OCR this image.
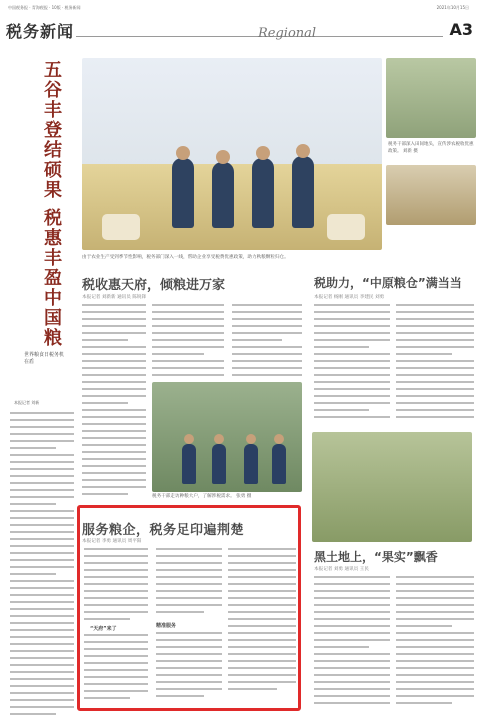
中国税务报 · 青海税报 · 10版 · 税务新闻	2021年10月15日
税务新闻	Regional	A3
五谷丰登结硕果 税惠丰盈中国粮
世界粮食日税务机在盾
本报记者 刘新
由于农业生产受到季节性影响，税务部门深入一线，帮助企业享受税费优惠政策，助力秋粮颗粒归仓。
税务干部深入田间地头，宣传涉农税收优惠政策。 刘新 摄
税收惠天府，倾粮进万家
本报记者 刘新新 通讯员 陈锐锋
税务干部走访种粮大户，了解涉税需求。 张勇 摄
税助力，“中原粮仓”满当当
本报记者 杨刚 通讯员 李建民 刘勇
服务粮企，税务足印遍荆楚
本报记者 李勇 通讯员 周平阳
“天府”来了	精准服务
黑土地上，“果实”飘香
本报记者 刘勇 通讯员 王民
